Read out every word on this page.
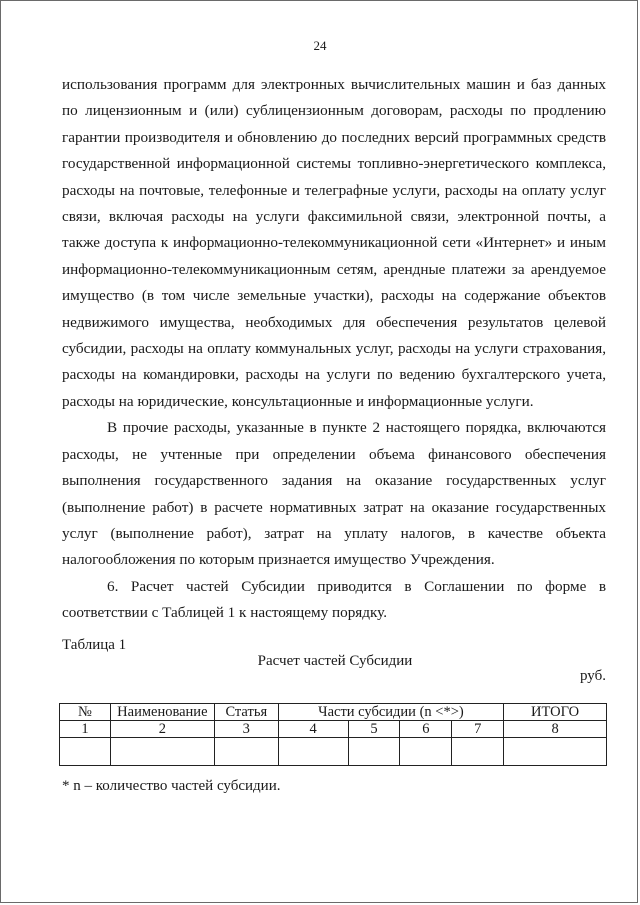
24

использования программ для электронных вычислительных машин и баз данных по лицензионным и (или) сублицензионным договорам, расходы по продлению гарантии производителя и обновлению до последних версий программных средств государственной информационной системы топливно-энергетического комплекса, расходы на почтовые, телефонные и телеграфные услуги, расходы на оплату услуг связи, включая расходы на услуги факсимильной связи, электронной почты, а также доступа к информационно-телекоммуникационной сети «Интернет» и иным информационно-телекоммуникационным сетям, арендные платежи за арендуемое имущество (в том числе земельные участки), расходы на содержание объектов недвижимого имущества, необходимых для обеспечения результатов целевой субсидии, расходы на оплату коммунальных услуг, расходы на услуги страхования, расходы на командировки, расходы на услуги по ведению бухгалтерского учета, расходы на юридические, консультационные и информационные услуги.

В прочие расходы, указанные в пункте 2 настоящего порядка, включаются расходы, не учтенные при определении объема финансового обеспечения выполнения государственного задания на оказание государственных услуг (выполнение работ) в расчете нормативных затрат на оказание государственных услуг (выполнение работ), затрат на уплату налогов, в качестве объекта налогообложения по которым признается имущество Учреждения.

6. Расчет частей Субсидии приводится в Соглашении по форме в соответствии с Таблицей 1 к настоящему порядку.

Таблица 1
Расчет частей Субсидии
руб.
№	Наименование	Статья	Части субсидии (n <*>)				ИТОГО
1	2	3	4	5	6	7	8

* n – количество частей субсидии.
